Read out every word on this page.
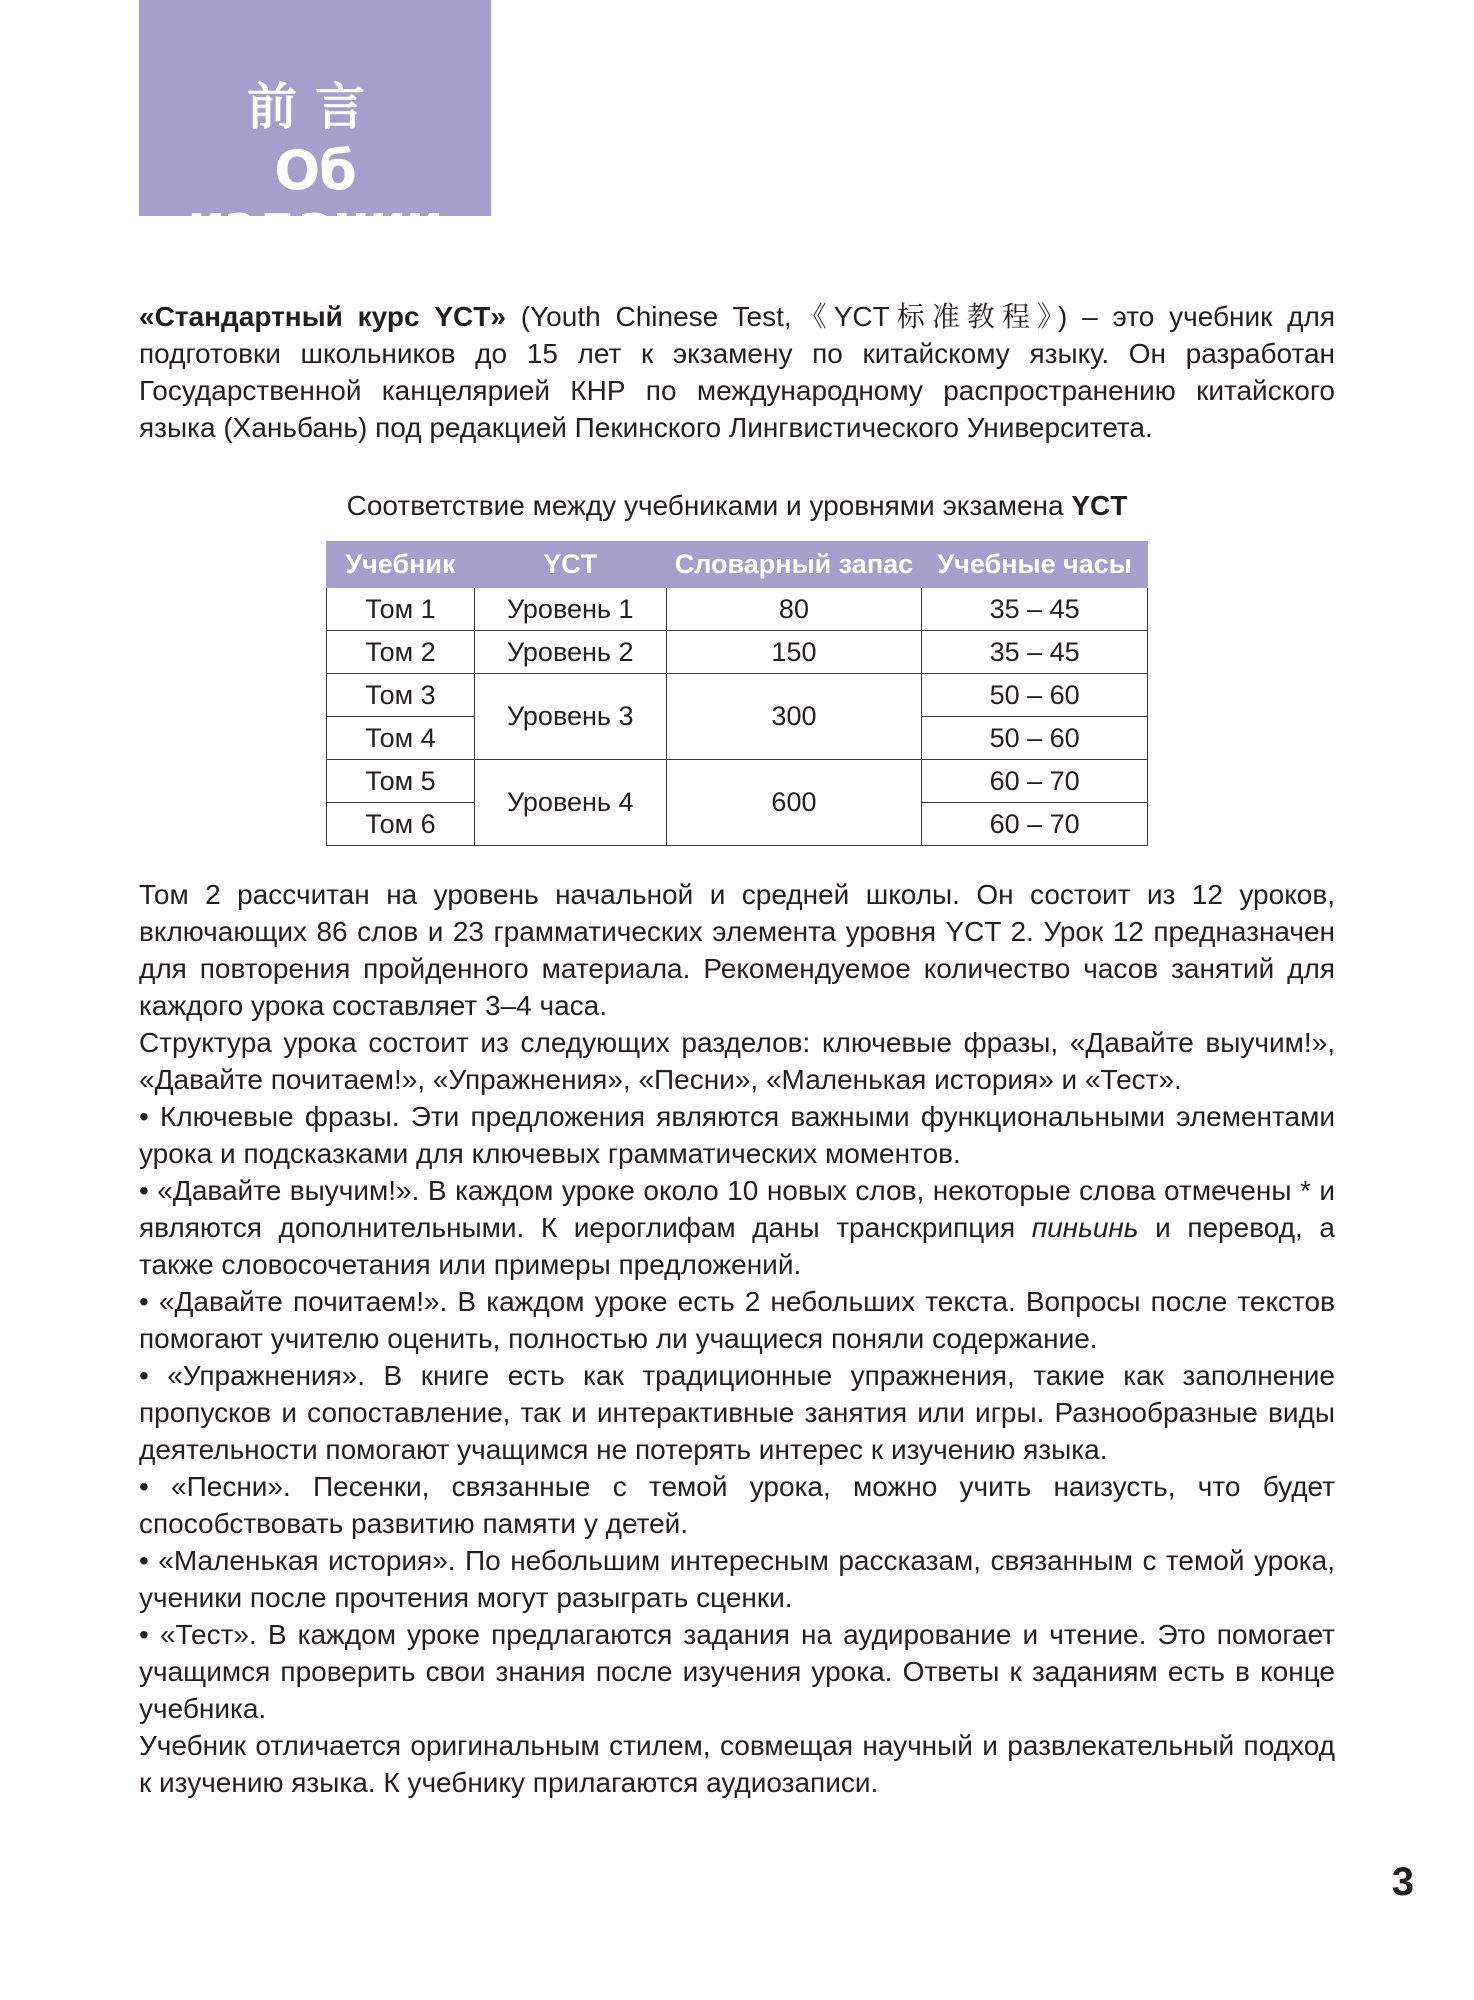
前言
Об издании

«Стандартный курс YCT» (Youth Chinese Test,《YCT标准教程》) – это учебник для подготовки школьников до 15 лет к экзамену по китайскому языку. Он разработан Государственной канцелярией КНР по международному распространению китайского языка (Ханьбань) под редакцией Пекинского Лингвистического Университета.

Соответствие между учебниками и уровнями экзамена YCT
Учебник	YCT	Словарный запас	Учебные часы
Том 1	Уровень 1	80	35 – 45
Том 2	Уровень 2	150	35 – 45
Том 3	Уровень 3	300	50 – 60
Том 4			50 – 60
Том 5	Уровень 4	600	60 – 70
Том 6			60 – 70

Том 2 рассчитан на уровень начальной и средней школы. Он состоит из 12 уроков, включающих 86 слов и 23 грамматических элемента уровня YCT 2. Урок 12 предназначен для повторения пройденного материала. Рекомендуемое количество часов занятий для каждого урока составляет 3–4 часа.

Структура урока состоит из следующих разделов: ключевые фразы, «Давайте выучим!», «Давайте почитаем!», «Упражнения», «Песни», «Маленькая история» и «Тест».

• Ключевые фразы. Эти предложения являются важными функциональными элементами урока и подсказками для ключевых грамматических моментов.

• «Давайте выучим!». В каждом уроке около 10 новых слов, некоторые слова отмечены * и являются дополнительными. К иероглифам даны транскрипция пиньинь и перевод, а также словосочетания или примеры предложений.

• «Давайте почитаем!». В каждом уроке есть 2 небольших текста. Вопросы после текстов помогают учителю оценить, полностью ли учащиеся поняли содержание.

• «Упражнения». В книге есть как традиционные упражнения, такие как заполнение пропусков и сопоставление, так и интерактивные занятия или игры. Разнообразные виды деятельности помогают учащимся не потерять интерес к изучению языка.

• «Песни». Песенки, связанные с темой урока, можно учить наизусть, что будет способствовать развитию памяти у детей.

• «Маленькая история». По небольшим интересным рассказам, связанным с темой урока, ученики после прочтения могут разыграть сценки.

• «Тест». В каждом уроке предлагаются задания на аудирование и чтение. Это помогает учащимся проверить свои знания после изучения урока. Ответы к заданиям есть в конце учебника.

Учебник отличается оригинальным стилем, совмещая научный и развлекательный подход к изучению языка. К учебнику прилагаются аудиозаписи.

3
